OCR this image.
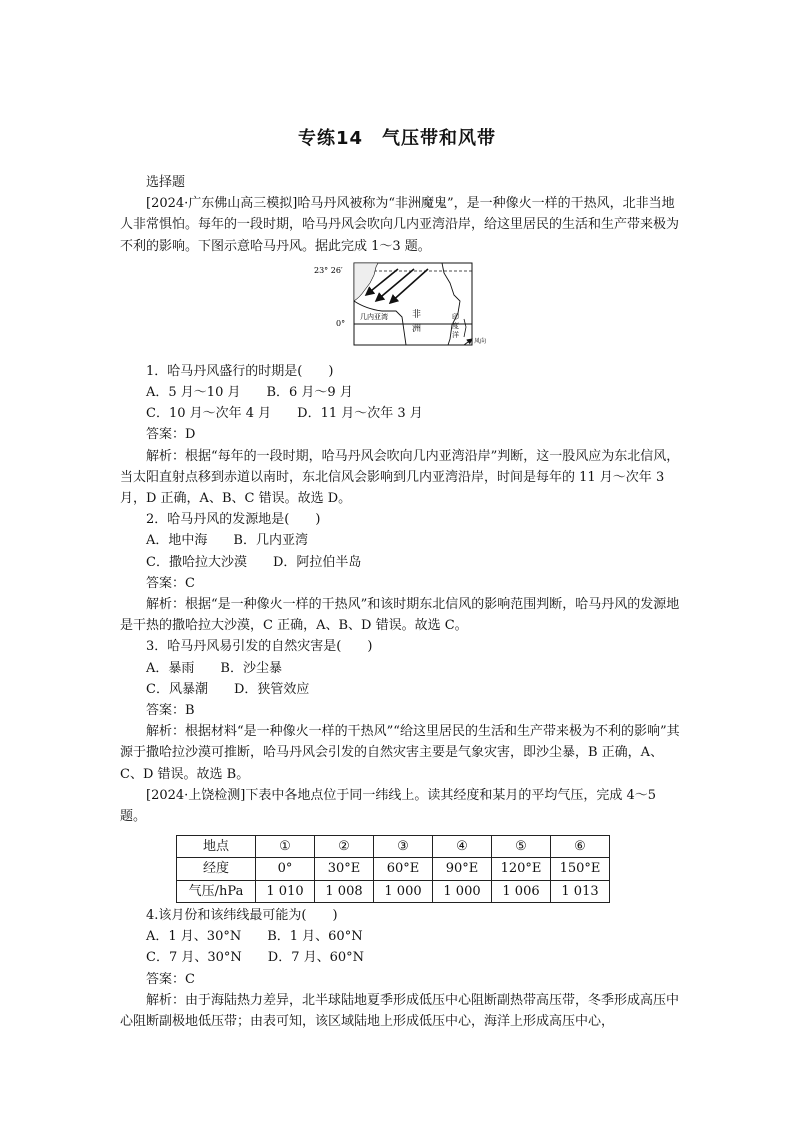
专练14　气压带和风带

选择题

[2024·广东佛山高三模拟]哈马丹风被称为“非洲魔鬼”，是一种像火一样的干热风，北非当地人非常惧怕。每年的一段时期，哈马丹风会吹向几内亚湾沿岸，给这里居民的生活和生产带来极为不利的影响。下图示意哈马丹风。据此完成 1～3 题。

23° 26′
0°
几内亚湾	非
洲
印
度
洋
风向

1．哈马丹风盛行的时期是(　　)

A．5 月～10 月　　B．6 月～9 月

C．10 月～次年 4 月　　D．11 月～次年 3 月

答案：D

解析：根据“每年的一段时期，哈马丹风会吹向几内亚湾沿岸”判断，这一股风应为东北信风，当太阳直射点移到赤道以南时，东北信风会影响到几内亚湾沿岸，时间是每年的 11 月～次年 3 月，D 正确，A、B、C 错误。故选 D。

2．哈马丹风的发源地是(　　)

A．地中海　　B．几内亚湾

C．撒哈拉大沙漠　　D．阿拉伯半岛

答案：C

解析：根据“是一种像火一样的干热风”和该时期东北信风的影响范围判断，哈马丹风的发源地是干热的撒哈拉大沙漠，C 正确，A、B、D 错误。故选 C。

3．哈马丹风易引发的自然灾害是(　　)

A．暴雨　　B．沙尘暴

C．风暴潮　　D．狭管效应

答案：B

解析：根据材料“是一种像火一样的干热风”“给这里居民的生活和生产带来极为不利的影响”其源于撒哈拉沙漠可推断，哈马丹风会引发的自然灾害主要是气象灾害，即沙尘暴，B 正确，A、C、D 错误。故选 B。

[2024·上饶检测]下表中各地点位于同一纬线上。读其经度和某月的平均气压，完成 4～5 题。

地点	①	②	③	④	⑤	⑥
经度	0°	30°E	60°E	90°E	120°E	150°E
气压/hPa	1 010	1 008	1 000	1 000	1 006	1 013

4.该月份和该纬线最可能为(　　)

A．1 月、30°N　　B．1 月、60°N

C．7 月、30°N　　D．7 月、60°N

答案：C

解析：由于海陆热力差异，北半球陆地夏季形成低压中心阻断副热带高压带，冬季形成高压中心阻断副极地低压带；由表可知，该区域陆地上形成低压中心，海洋上形成高压中心，
